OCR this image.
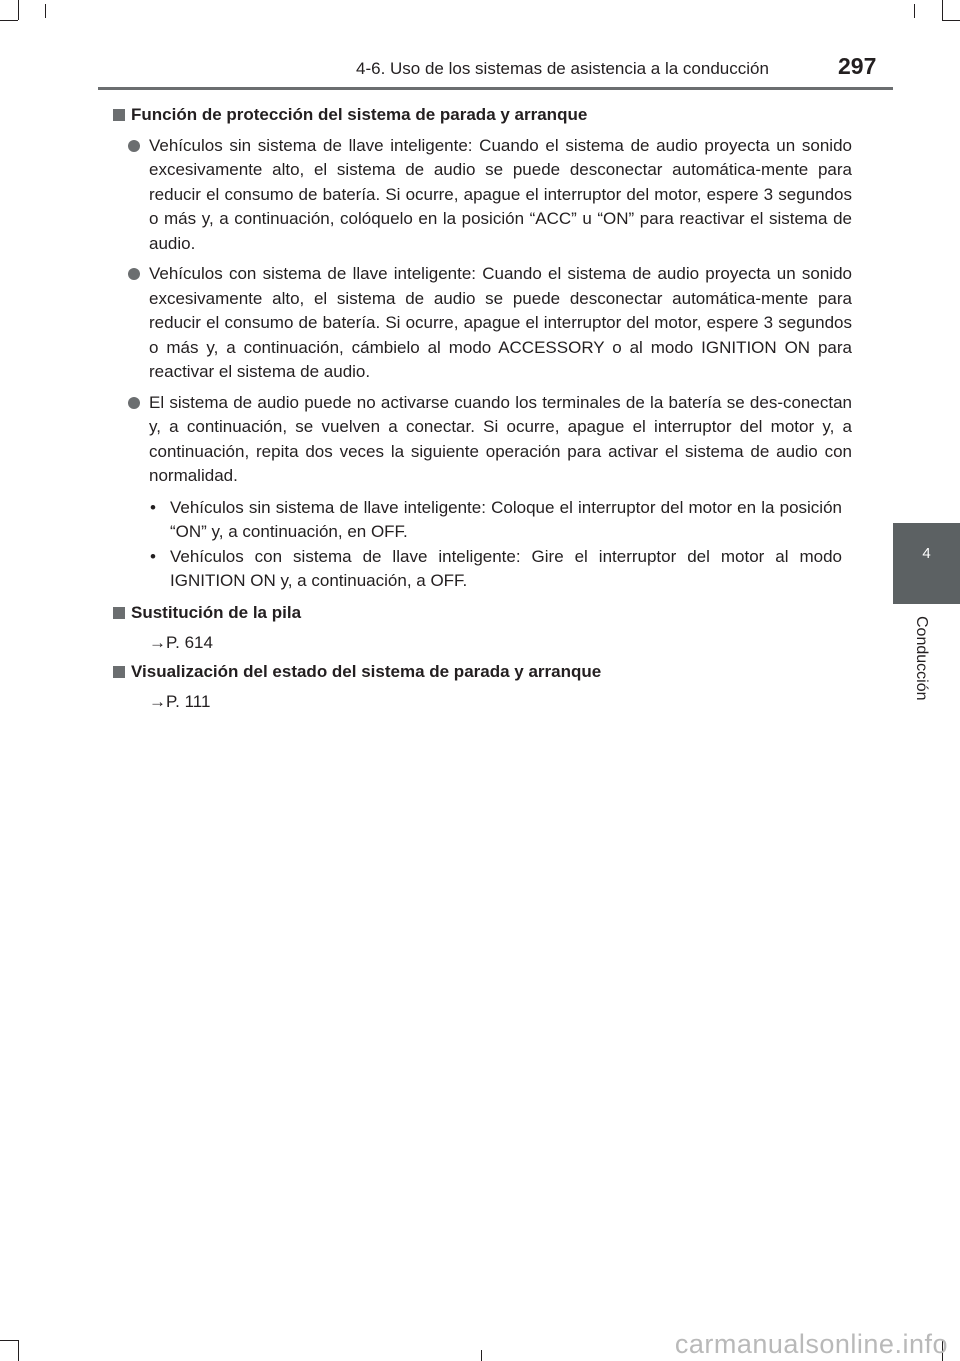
4-6. Uso de los sistemas de asistencia a la conducción	297
4
Conducción
Función de protección del sistema de parada y arranque
Vehículos sin sistema de llave inteligente: Cuando el sistema de audio proyecta un sonido excesivamente alto, el sistema de audio se puede desconectar automática-mente para reducir el consumo de batería. Si ocurre, apague el interruptor del motor, espere 3 segundos o más y, a continuación, colóquelo en la posición “ACC” u “ON” para reactivar el sistema de audio.
Vehículos con sistema de llave inteligente: Cuando el sistema de audio proyecta un sonido excesivamente alto, el sistema de audio se puede desconectar automática-mente para reducir el consumo de batería. Si ocurre, apague el interruptor del motor, espere 3 segundos o más y, a continuación, cámbielo al modo ACCESSORY o al modo IGNITION ON para reactivar el sistema de audio.
El sistema de audio puede no activarse cuando los terminales de la batería se des-conectan y, a continuación, se vuelven a conectar. Si ocurre, apague el interruptor del motor y, a continuación, repita dos veces la siguiente operación para activar el sistema de audio con normalidad.
• Vehículos sin sistema de llave inteligente: Coloque el interruptor del motor en la posición “ON” y, a continuación, en OFF.
• Vehículos con sistema de llave inteligente: Gire el interruptor del motor al modo IGNITION ON y, a continuación, a OFF.
Sustitución de la pila
→P. 614
Visualización del estado del sistema de parada y arranque
→P. 111
carmanualsonline.info
